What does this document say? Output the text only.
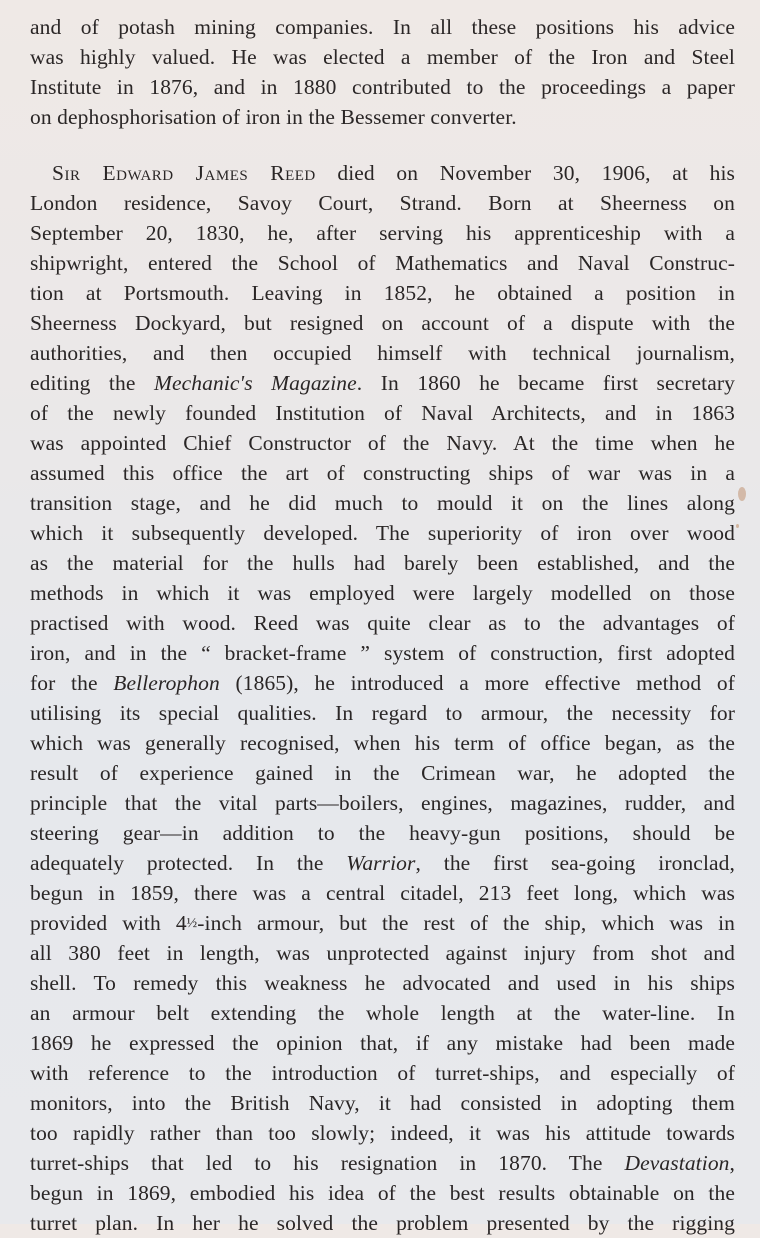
and of potash mining companies. In all these positions his advice
was highly valued. He was elected a member of the Iron and Steel
Institute in 1876, and in 1880 contributed to the proceedings a paper
on dephosphorisation of iron in the Bessemer converter.
Sir Edward James Reed died on November 30, 1906, at his
London residence, Savoy Court, Strand. Born at Sheerness on
September 20, 1830, he, after serving his apprenticeship with a
shipwright, entered the School of Mathematics and Naval Construc-
tion at Portsmouth. Leaving in 1852, he obtained a position in
Sheerness Dockyard, but resigned on account of a dispute with the
authorities, and then occupied himself with technical journalism,
editing the Mechanic's Magazine. In 1860 he became first secretary
of the newly founded Institution of Naval Architects, and in 1863
was appointed Chief Constructor of the Navy. At the time when he
assumed this office the art of constructing ships of war was in a
transition stage, and he did much to mould it on the lines along
which it subsequently developed. The superiority of iron over wood
as the material for the hulls had barely been established, and the
methods in which it was employed were largely modelled on those
practised with wood. Reed was quite clear as to the advantages of
iron, and in the “ bracket-frame ” system of construction, first adopted
for the Bellerophon (1865), he introduced a more effective method of
utilising its special qualities. In regard to armour, the necessity for
which was generally recognised, when his term of office began, as the
result of experience gained in the Crimean war, he adopted the
principle that the vital parts—boilers, engines, magazines, rudder, and
steering gear—in addition to the heavy-gun positions, should be
adequately protected. In the Warrior, the first sea-going ironclad,
begun in 1859, there was a central citadel, 213 feet long, which was
provided with 4½-inch armour, but the rest of the ship, which was in
all 380 feet in length, was unprotected against injury from shot and
shell. To remedy this weakness he advocated and used in his ships
an armour belt extending the whole length at the water-line. In
1869 he expressed the opinion that, if any mistake had been made
with reference to the introduction of turret-ships, and especially of
monitors, into the British Navy, it had consisted in adopting them
too rapidly rather than too slowly; indeed, it was his attitude towards
turret-ships that led to his resignation in 1870. The Devastation,
begun in 1869, embodied his idea of the best results obtainable on the
turret plan. In her he solved the problem presented by the rigging
